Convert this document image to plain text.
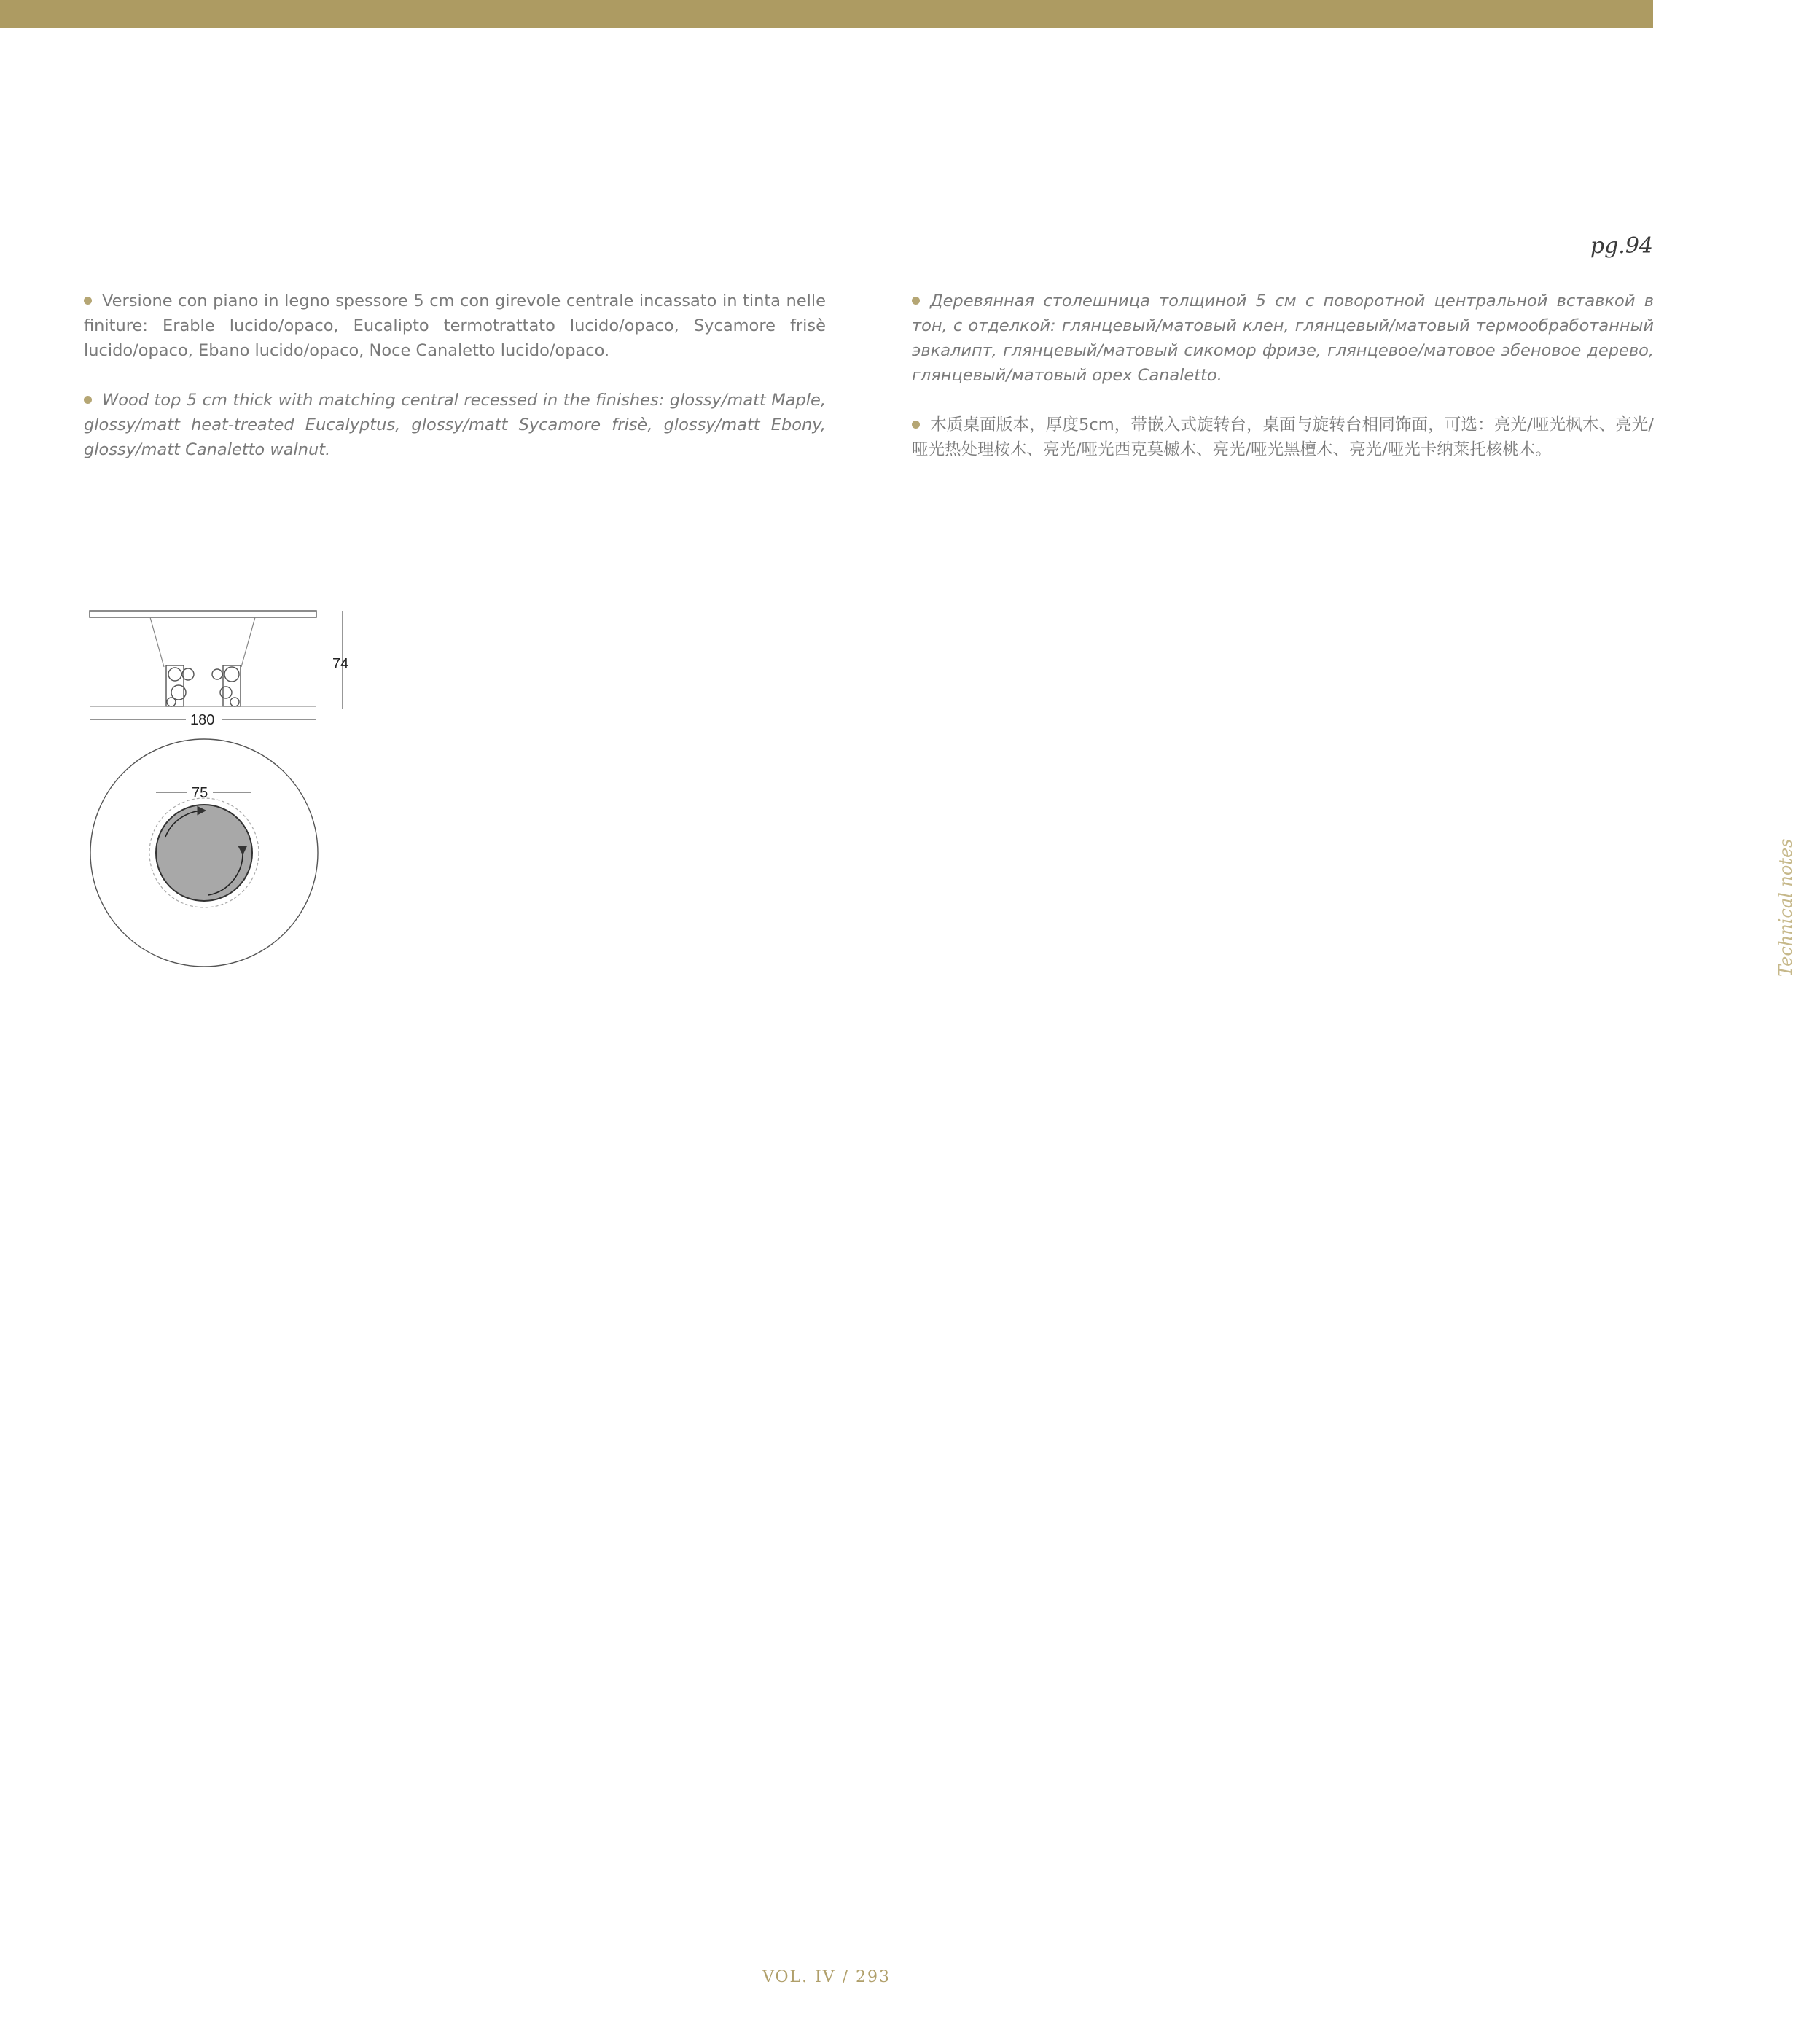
pg.94

Versione con piano in legno spessore 5 cm con girevole centrale incassato in tinta nelle finiture: Erable lucido/opaco, Eucalipto termotrattato lucido/opaco, Sycamore frisè lucido/opaco, Ebano lucido/opaco, Noce Canaletto lucido/opaco.

Wood top 5 cm thick with matching central recessed in the finishes: glossy/matt Maple, glossy/matt heat-treated Eucalyptus, glossy/matt Sycamore frisè, glossy/matt Ebony, glossy/matt Canaletto walnut.

Деревянная столешница толщиной 5 см с поворотной центральной вставкой в тон, с отделкой: глянцевый/матовый клен, глянцевый/матовый термообработанный эвкалипт, глянцевый/матовый сикомор фризе, глянцевое/матовое эбеновое дерево, глянцевый/матовый орех Canaletto.

木质桌面版本，厚度5cm，带嵌入式旋转台，桌面与旋转台相同饰面，可选：亮光/哑光枫木、亮光/哑光热处理桉木、亮光/哑光西克莫槭木、亮光/哑光黑檀木、亮光/哑光卡纳莱托核桃木。

74
180
75
Technical notes
VOL. IV / 293
